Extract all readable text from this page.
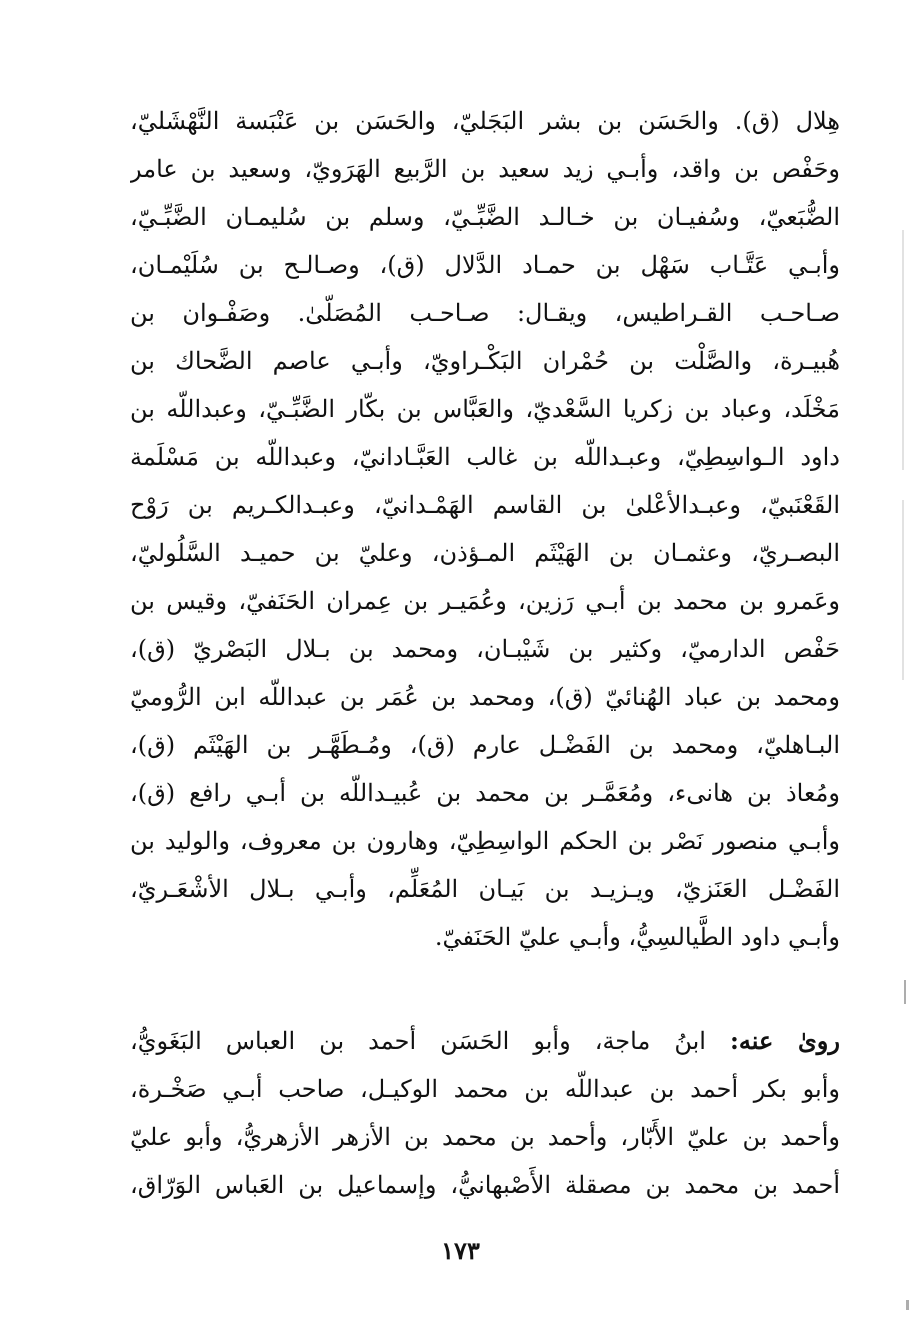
هِلال (ق). والحَسَن بن بشر البَجَليّ، والحَسَن بن عَنْبَسة النَّهْشَليّ،
وحَفْص بن واقد، وأبـي زيد سعيد بن الرَّبيع الهَرَويّ، وسعيد بن عامر
الضُّبَعيّ، وسُفيـان بن خـالـد الضَّبِّـيّ، وسلم بن سُليمـان الضَّبِّـيّ،
وأبـي عَتَّـاب سَهْل بن حمـاد الدَّلال (ق)، وصـالـح بن سُلَيْمـان،
صـاحـب القـراطيس، ويقـال: صـاحـب المُصَلّىٰ. وصَفْـوان بن
هُبيـرة، والصَّلْت بن حُمْران البَكْـراويّ، وأبـي عاصم الضَّحاك بن
مَخْلَد، وعباد بن زكريا السَّعْديّ، والعَبَّاس بن بكّار الضَّبِّـيّ، وعبداللّه بن
داود الـواسِطِيّ، وعبـداللّه بن غالب العَبَّـادانيّ، وعبداللّه بن مَسْلَمة
القَعْنَبيّ، وعبـدالأعْلىٰ بن القاسم الهَمْـدانيّ، وعبـدالكـريم بن رَوْح
البصـريّ، وعثمـان بن الهَيْثَم المـؤذن، وعليّ بن حميـد السَّلُوليّ،
وعَمرو بن محمد بن أبـي رَزين، وعُمَيـر بن عِمران الحَنَفيّ، وقيس بن
حَفْص الدارميّ، وكثير بن شَيْبـان، ومحمد بن بـلال البَصْريّ (ق)،
ومحمد بن عباد الهُنائيّ (ق)، ومحمد بن عُمَر بن عبداللّه ابن الرُّوميّ
البـاهليّ، ومحمد بن الفَضْـل عارم (ق)، ومُـطَهَّـر بن الهَيْثَم (ق)،
ومُعاذ بن هانىء، ومُعَمَّـر بن محمد بن عُبيـداللّه بن أبـي رافع (ق)،
وأبـي منصور نَصْر بن الحكم الواسِطِيّ، وهارون بن معروف، والوليد بن
الفَضْـل العَنَزيّ، ويـزيـد بن بَيـان المُعَلِّم، وأبـي بـلال الأشْعَـريّ،
وأبـي داود الطَّيالسِيُّ، وأبـي عليّ الحَنَفيّ.
روىٰ عنه: ابنُ ماجة، وأبو الحَسَن أحمد بن العباس البَغَويُّ،
وأبو بكر أحمد بن عبداللّه بن محمد الوكيـل، صاحب أبـي صَخْـرة،
وأحمد بن عليّ الأَبّار، وأحمد بن محمد بن الأزهر الأزهريُّ، وأبو عليّ
أحمد بن محمد بن مصقلة الأَصْبهانيُّ، وإسماعيل بن العَباس الوَرّاق،
١٧٣
